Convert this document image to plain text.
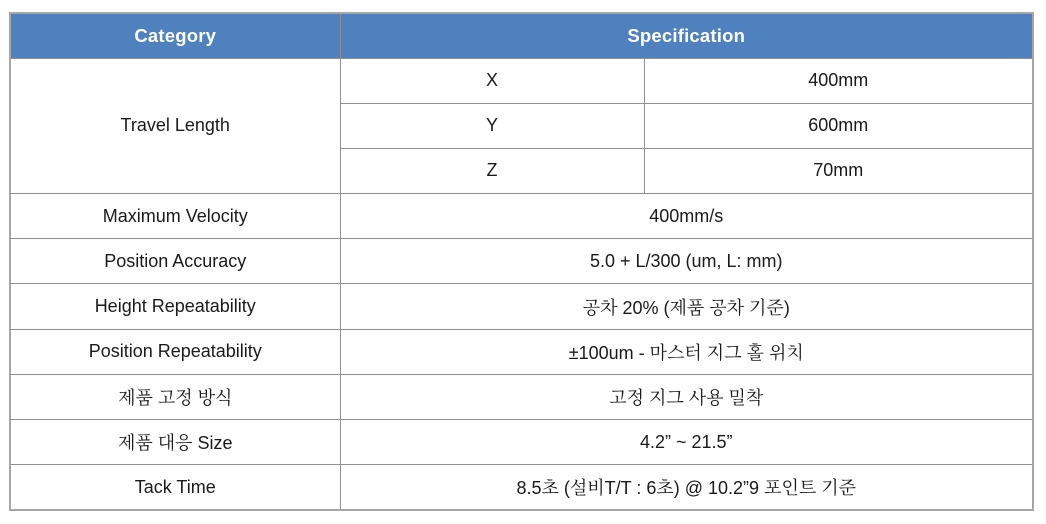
Category	Specification	
Travel Length	X	400mm
	Y	600mm
	Z	70mm
Maximum Velocity	400mm/s	
Position Accuracy	5.0 + L/300 (um, L: mm)	
Height Repeatability	공차 20% (제품 공차 기준)	
Position Repeatability	±100um - 마스터 지그 홀 위치	
제품 고정 방식	고정 지그 사용 밀착	
제품 대응 Size	4.2” ~ 21.5”	
Tack Time	8.5초 (설비T/T : 6초) @ 10.2”9 포인트 기준	
